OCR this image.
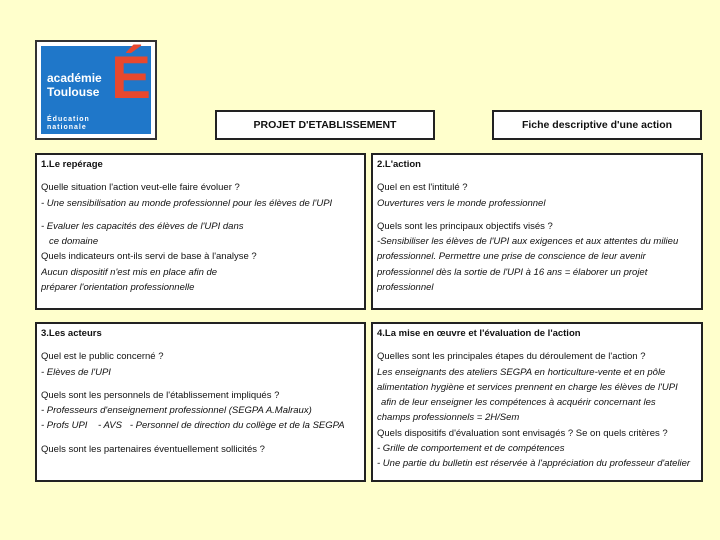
académie
Toulouse É
Éducation
nationale	PROJET D'ETABLISSEMENT	Fiche descriptive d'une action
1.Le repérage
Quelle situation l'action veut-elle faire évoluer ?
- Une sensibilisation au monde professionnel pour les élèves de l'UPI
- Evaluer les capacités des élèves de l'UPI dans
ce domaine
Quels indicateurs ont-ils servi de base à l'analyse ?
Aucun dispositif n'est mis en place afin de
préparer l'orientation professionnelle
2.L'action
Quel en est l'intitulé ?
Ouvertures vers le monde professionnel
Quels sont les principaux objectifs visés ?
-Sensibiliser les élèves de l'UPI aux exigences et aux attentes du milieu
professionnel. Permettre une prise de conscience de leur avenir
professionnel dès la sortie de l'UPI à 16 ans = élaborer un projet
professionnel
3.Les acteurs
Quel est le public concerné ?
- Elèves de l'UPI
Quels sont les personnels de l'établissement impliqués ?
- Professeurs d'enseignement professionnel (SEGPA A.Malraux)
- Profs UPI    - AVS   - Personnel de direction du collège et de la SEGPA
Quels sont les partenaires éventuellement sollicités ?
4.La mise en œuvre et l'évaluation de l'action
Quelles sont les principales étapes du déroulement de l'action ?
Les enseignants des ateliers SEGPA en horticulture-vente et en pôle
alimentation hygiène et services prennent en charge les élèves de l'UPI
afin de leur enseigner les compétences à acquérir concernant les
champs professionnels = 2H/Sem
Quels dispositifs d'évaluation sont envisagés ? Se on quels critères ?
- Grille de comportement et de compétences
- Une partie du bulletin est réservée à l'appréciation du professeur d'atelier
